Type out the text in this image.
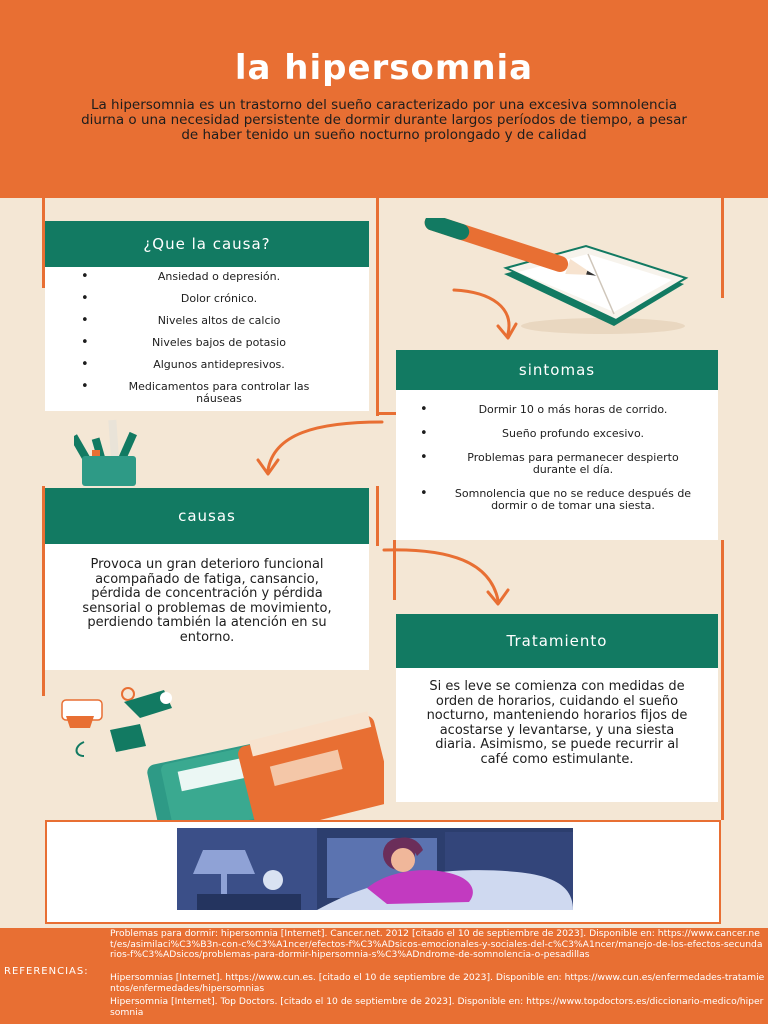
la hipersomnia
La hipersomnia es un trastorno del sueño caracterizado por una excesiva somnolencia diurna o una necesidad persistente de dormir durante largos períodos de tiempo, a pesar de haber tenido un sueño nocturno prolongado y de calidad
¿Que la causa?
• Ansiedad o depresión.
• Dolor crónico.
• Niveles altos de calcio
• Niveles bajos de potasio
• Algunos antidepresivos.
• Medicamentos para controlar las náuseas
sintomas
• Dormir 10 o más horas de corrido.
• Sueño profundo excesivo.
• Problemas para permanecer despierto durante el día.
• Somnolencia que no se reduce después de dormir o de tomar una siesta.
causas
Provoca un gran deterioro funcional acompañado de fatiga, cansancio, pérdida de concentración y pérdida sensorial o problemas de movimiento, perdiendo también la atención en su entorno.	Tratamiento
Si es leve se comienza con medidas de orden de horarios, cuidando el sueño nocturno, manteniendo horarios fijos de acostarse y levantarse, y una siesta diaria. Asimismo, se puede recurrir al café como estimulante.
REFERENCIAS:
Problemas para dormir: hipersomnia [Internet]. Cancer.net. 2012 [citado el 10 de septiembre de 2023]. Disponible en: https://www.cancer.net/es/asimilaci%C3%B3n-con-c%C3%A1ncer/efectos-f%C3%ADsicos-emocionales-y-sociales-del-c%C3%A1ncer/manejo-de-los-efectos-secundarios-f%C3%ADsicos/problemas-para-dormir-hipersomnia-s%C3%ADndrome-de-somnolencia-o-pesadillas
Hipersomnias [Internet]. https://www.cun.es. [citado el 10 de septiembre de 2023]. Disponible en: https://www.cun.es/enfermedades-tratamientos/enfermedades/hipersomnias
Hipersomnia [Internet]. Top Doctors. [citado el 10 de septiembre de 2023]. Disponible en: https://www.topdoctors.es/diccionario-medico/hipersomnia
